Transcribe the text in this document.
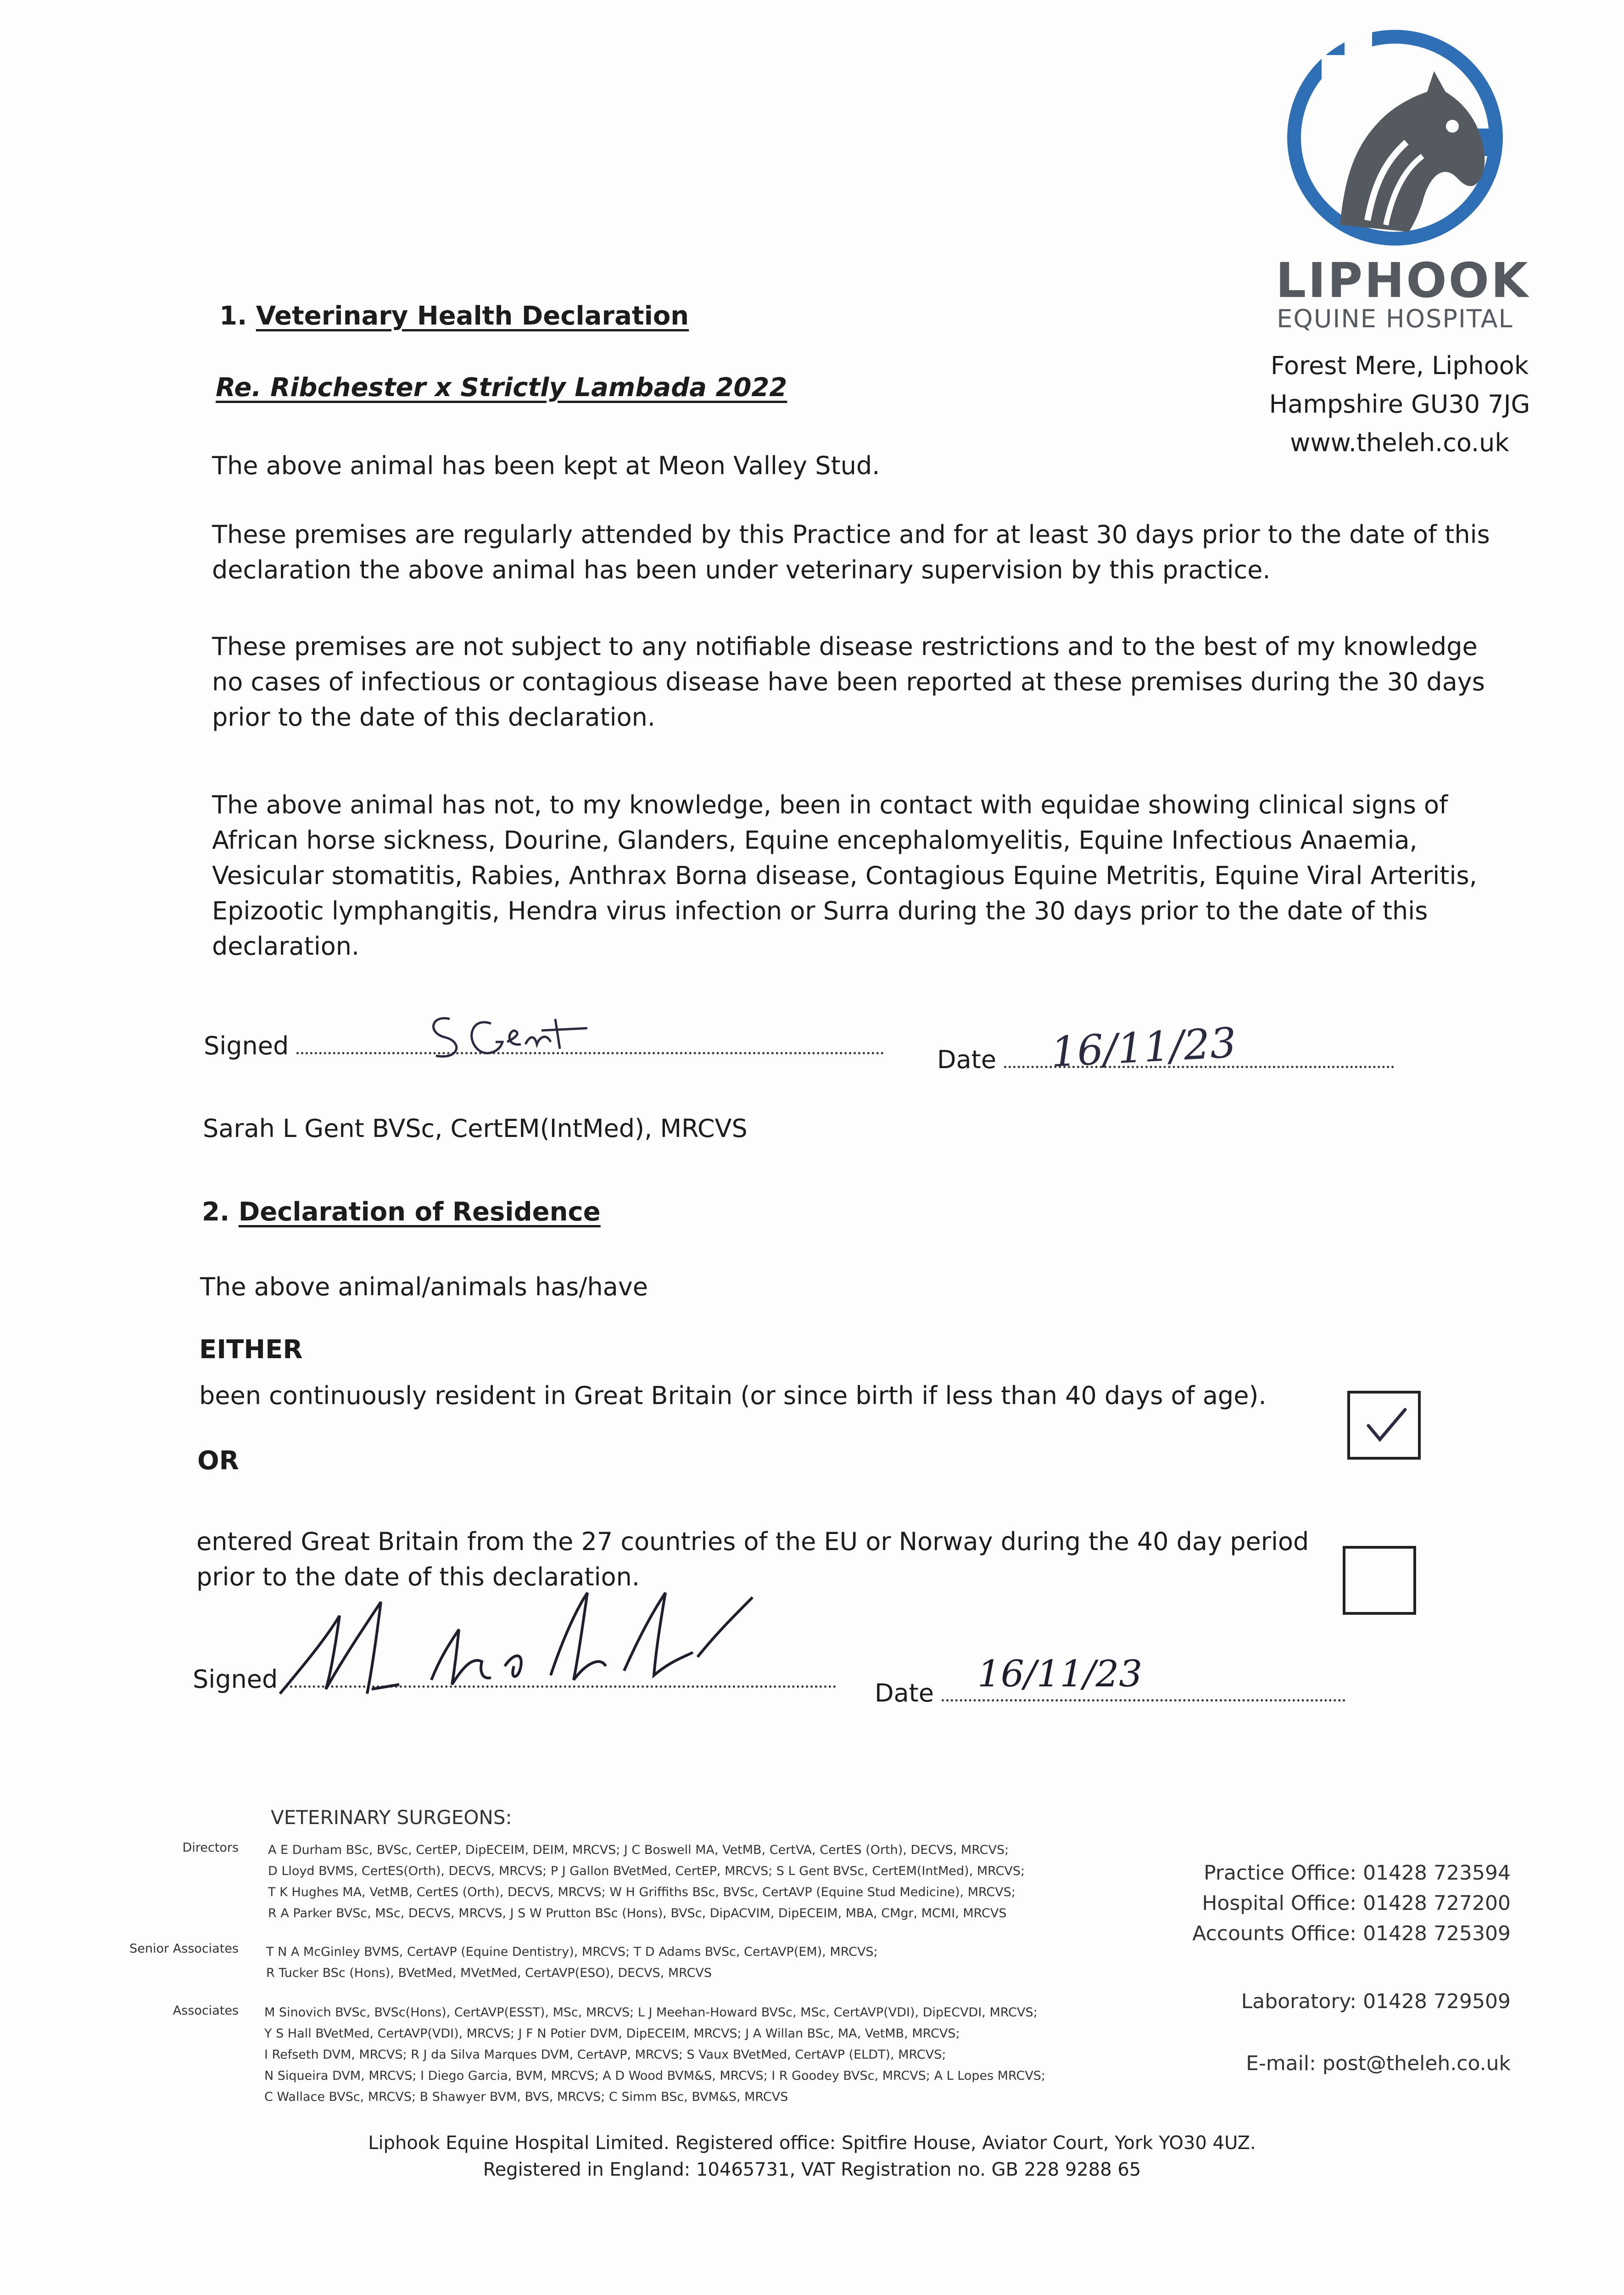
LIPHOOK
EQUINE HOSPITAL
Forest Mere, Liphook
Hampshire GU30 7JG
www.theleh.co.uk
1. Veterinary Health Declaration
Re. Ribchester x Strictly Lambada 2022
The above animal has been kept at Meon Valley Stud.
These premises are regularly attended by this Practice and for at least 30 days prior to the date of this declaration the above animal has been under veterinary supervision by this practice.
These premises are not subject to any notifiable disease restrictions and to the best of my knowledge no cases of infectious or contagious disease have been reported at these premises during the 30 days prior to the date of this declaration.
The above animal has not, to my knowledge, been in contact with equidae showing clinical signs of African horse sickness, Dourine, Glanders, Equine encephalomyelitis, Equine Infectious Anaemia, Vesicular stomatitis, Rabies, Anthrax Borna disease, Contagious Equine Metritis, Equine Viral Arteritis, Epizootic lymphangitis, Hendra virus infection or Surra during the 30 days prior to the date of this declaration.
Signed	Date	16/11/23
Sarah L Gent BVSc, CertEM(IntMed), MRCVS
2. Declaration of Residence
The above animal/animals has/have
EITHER
been continuously resident in Great Britain (or since birth if less than 40 days of age).
OR
entered Great Britain from the 27 countries of the EU or Norway during the 40 day period prior to the date of this declaration.
Signed	Date	16/11/23
VETERINARY SURGEONS:
Directors A E Durham BSc, BVSc, CertEP, DipECEIM, DEIM, MRCVS; J C Boswell MA, VetMB, CertVA, CertES (Orth), DECVS, MRCVS;
D Lloyd BVMS, CertES(Orth), DECVS, MRCVS; P J Gallon BVetMed, CertEP, MRCVS; S L Gent BVSc, CertEM(IntMed), MRCVS;
T K Hughes MA, VetMB, CertES (Orth), DECVS, MRCVS; W H Griffiths BSc, BVSc, CertAVP (Equine Stud Medicine), MRCVS;
R A Parker BVSc, MSc, DECVS, MRCVS, J S W Prutton BSc (Hons), BVSc, DipACVIM, DipECEIM, MBA, CMgr, MCMI, MRCVS
Senior Associates T N A McGinley BVMS, CertAVP (Equine Dentistry), MRCVS; T D Adams BVSc, CertAVP(EM), MRCVS;
R Tucker BSc (Hons), BVetMed, MVetMed, CertAVP(ESO), DECVS, MRCVS
Associates M Sinovich BVSc, BVSc(Hons), CertAVP(ESST), MSc, MRCVS; L J Meehan-Howard BVSc, MSc, CertAVP(VDI), DipECVDI, MRCVS;
Y S Hall BVetMed, CertAVP(VDI), MRCVS; J F N Potier DVM, DipECEIM, MRCVS; J A Willan BSc, MA, VetMB, MRCVS;
I Refseth DVM, MRCVS; R J da Silva Marques DVM, CertAVP, MRCVS; S Vaux BVetMed, CertAVP (ELDT), MRCVS;
N Siqueira DVM, MRCVS; I Diego Garcia, BVM, MRCVS; A D Wood BVM&S, MRCVS; I R Goodey BVSc, MRCVS; A L Lopes MRCVS;
C Wallace BVSc, MRCVS; B Shawyer BVM, BVS, MRCVS; C Simm BSc, BVM&S, MRCVS
Practice Office: 01428 723594
Hospital Office: 01428 727200
Accounts Office: 01428 725309
Laboratory: 01428 729509
E-mail: post@theleh.co.uk
Liphook Equine Hospital Limited. Registered office: Spitfire House, Aviator Court, York YO30 4UZ.
Registered in England: 10465731, VAT Registration no. GB 228 9288 65
